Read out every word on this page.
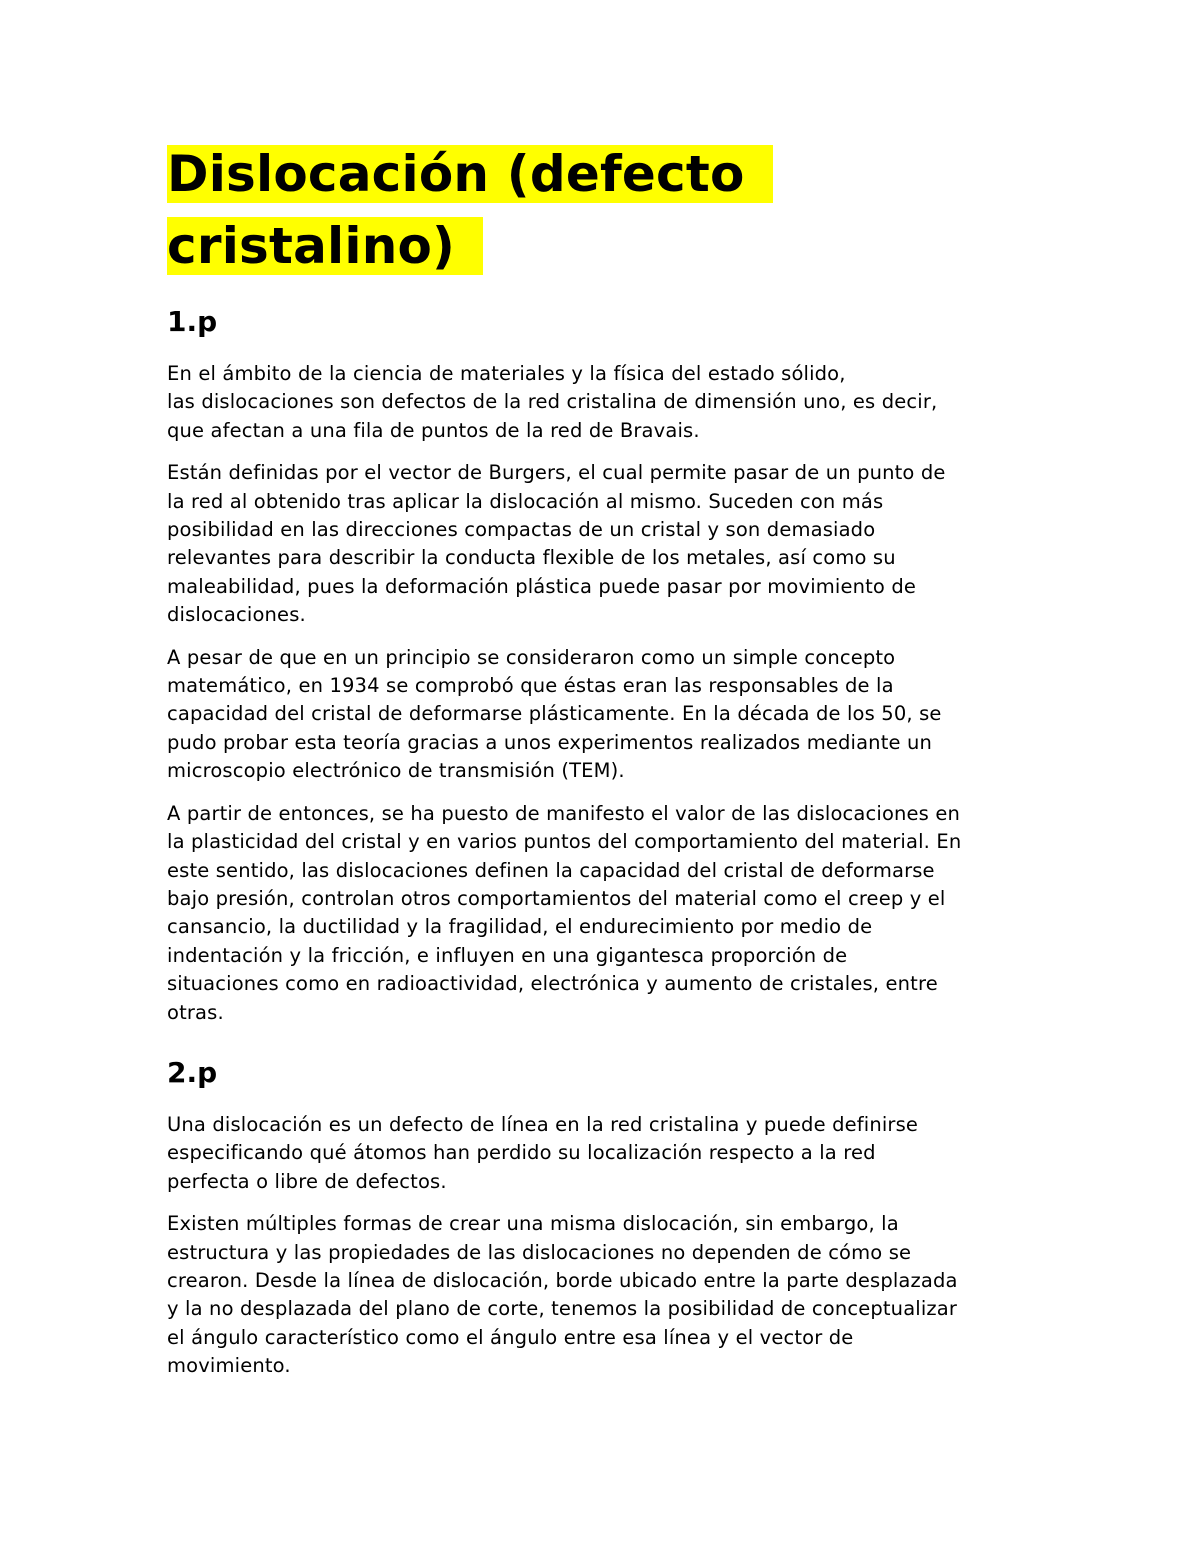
Dislocación (defecto
cristalino)
1.p

En el ámbito de la ciencia de materiales y la física del estado sólido,
las dislocaciones son defectos de la red cristalina de dimensión uno, es decir,
que afectan a una fila de puntos de la red de Bravais.

Están definidas por el vector de Burgers, el cual permite pasar de un punto de
la red al obtenido tras aplicar la dislocación al mismo. Suceden con más
posibilidad en las direcciones compactas de un cristal y son demasiado
relevantes para describir la conducta flexible de los metales, así como su
maleabilidad, pues la deformación plástica puede pasar por movimiento de
dislocaciones.

A pesar de que en un principio se consideraron como un simple concepto
matemático, en 1934 se comprobó que éstas eran las responsables de la
capacidad del cristal de deformarse plásticamente. En la década de los 50, se
pudo probar esta teoría gracias a unos experimentos realizados mediante un
microscopio electrónico de transmisión (TEM).

A partir de entonces, se ha puesto de manifesto el valor de las dislocaciones en
la plasticidad del cristal y en varios puntos del comportamiento del material. En
este sentido, las dislocaciones definen la capacidad del cristal de deformarse
bajo presión, controlan otros comportamientos del material como el creep y el
cansancio, la ductilidad y la fragilidad, el endurecimiento por medio de
indentación y la fricción, e influyen en una gigantesca proporción de
situaciones como en radioactividad, electrónica y aumento de cristales, entre
otras.

2.p

Una dislocación es un defecto de línea en la red cristalina y puede definirse
especificando qué átomos han perdido su localización respecto a la red
perfecta o libre de defectos.

Existen múltiples formas de crear una misma dislocación, sin embargo, la
estructura y las propiedades de las dislocaciones no dependen de cómo se
crearon. Desde la línea de dislocación, borde ubicado entre la parte desplazada
y la no desplazada del plano de corte, tenemos la posibilidad de conceptualizar
el ángulo característico como el ángulo entre esa línea y el vector de
movimiento.
